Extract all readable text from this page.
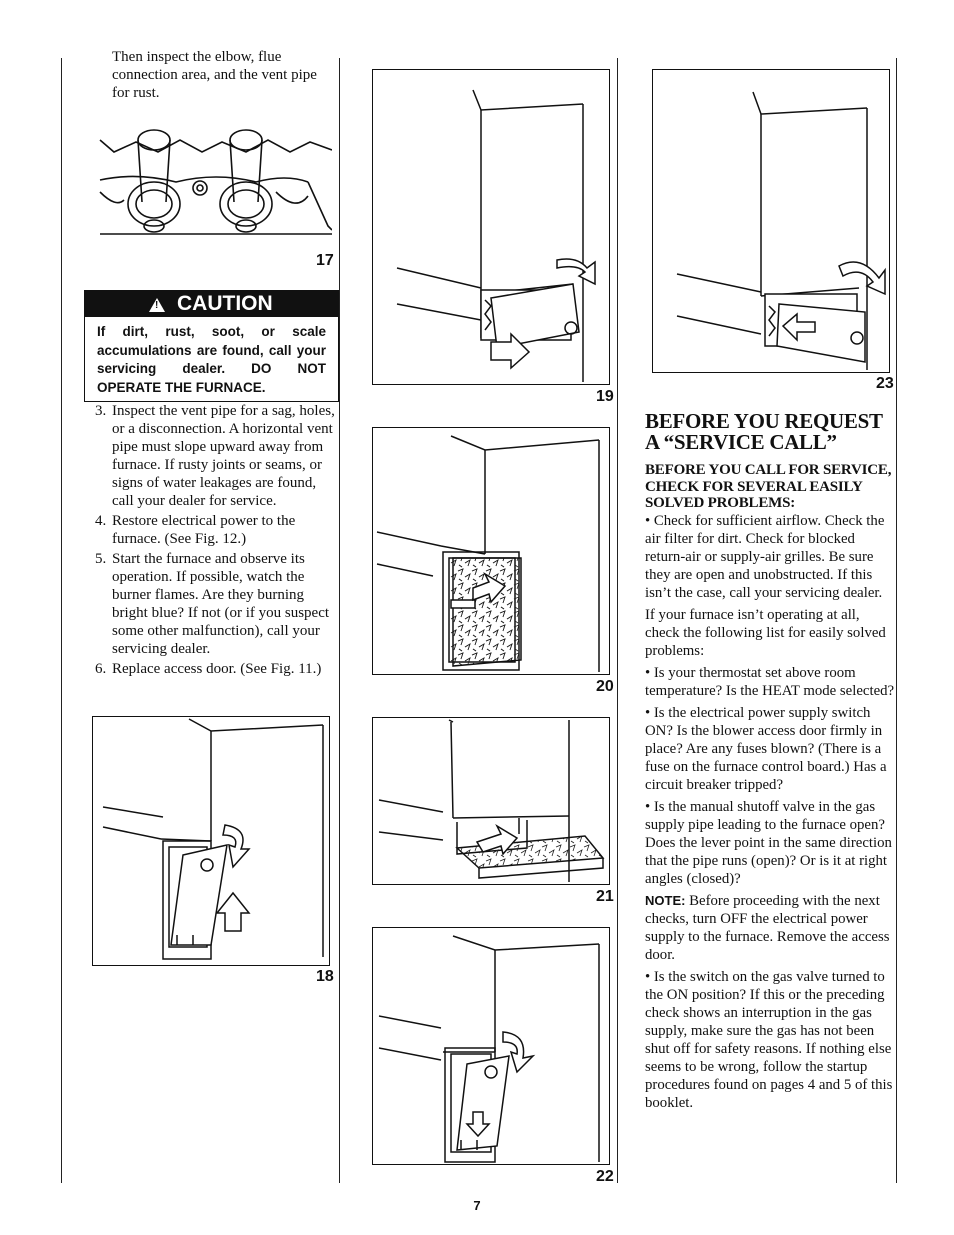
Then inspect the elbow, flue connection area, and the vent pipe for rust.
17
! CAUTION
If dirt, rust, soot, or scale accumulations are found, call your servicing dealer. DO NOT OPERATE THE FURNACE.
3. Inspect the vent pipe for a sag, holes, or a disconnection. A horizontal vent pipe must slope upward away from furnace. If rusty joints or seams, or signs of water leakages are found, call your dealer for service.
4. Restore electrical power to the furnace. (See Fig. 12.)
5. Start the furnace and observe its operation. If possible, watch the burner flames. Are they burning bright blue? If not (or if you suspect some other malfunction), call your servicing dealer.
6. Replace access door. (See Fig. 11.)
18
19
20
21
22
23
BEFORE YOU REQUEST
A “SERVICE CALL”
BEFORE YOU CALL FOR SERVICE, CHECK FOR SEVERAL EASILY SOLVED PROBLEMS:

• Check for sufficient airflow. Check the air filter for dirt. Check for blocked return-air or supply-air grilles. Be sure they are open and unobstructed. If this isn’t the case, call your servicing dealer.

If your furnace isn’t operating at all, check the following list for easily solved problems:

• Is your thermostat set above room temperature? Is the HEAT mode selected?

• Is the electrical power supply switch ON? Is the blower access door firmly in place? Are any fuses blown? (There is a fuse on the furnace control board.) Has a circuit breaker tripped?

• Is the manual shutoff valve in the gas supply pipe leading to the furnace open? Does the lever point in the same direction that the pipe runs (open)? Or is it at right angles (closed)?

NOTE: Before proceeding with the next checks, turn OFF the electrical power supply to the furnace. Remove the access door.

• Is the switch on the gas valve turned to the ON position? If this or the preceding check shows an interruption in the gas supply, make sure the gas has not been shut off for safety reasons. If nothing else seems to be wrong, follow the startup procedures found on pages 4 and 5 of this booklet.

7
